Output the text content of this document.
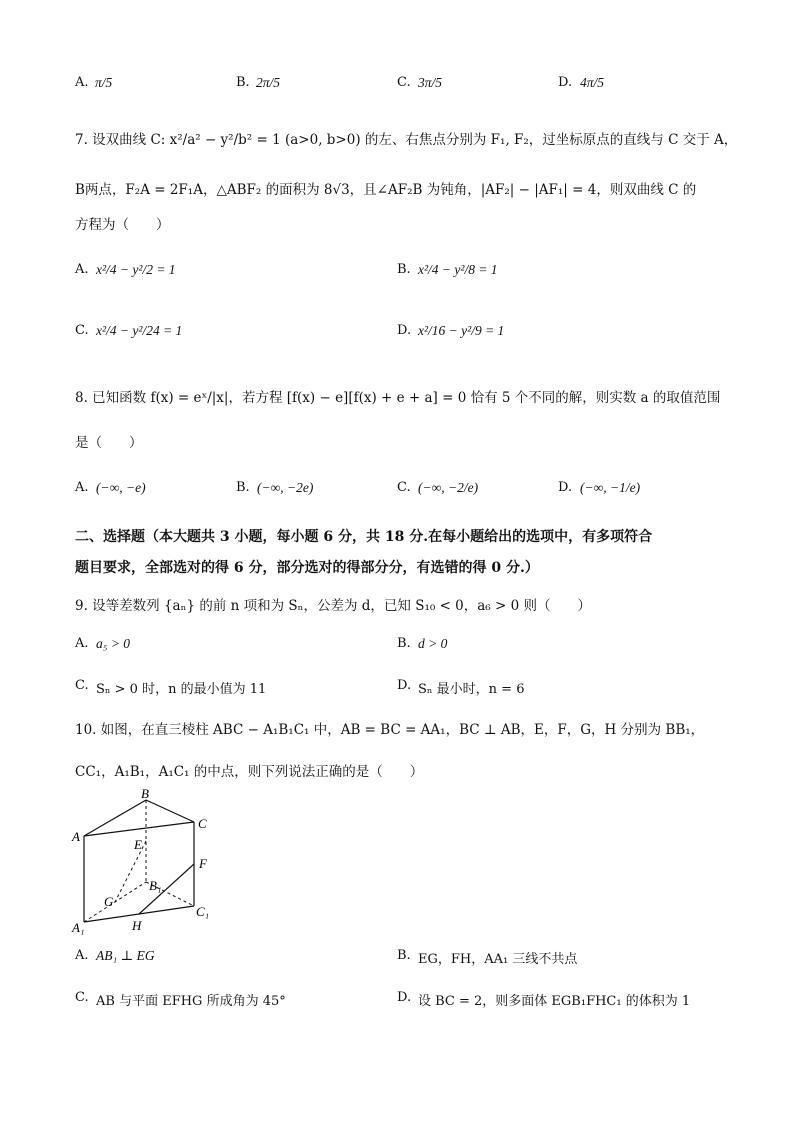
A. π/5	B. 2π/5	C. 3π/5	D. 4π/5
7. 设双曲线 C: x²/a² − y²/b² = 1 (a>0, b>0) 的左、右焦点分别为 F₁, F₂，过坐标原点的直线与 C 交于 A，
B两点，F₂A = 2F₁A，△ABF₂ 的面积为 8√3，且∠AF₂B 为钝角，|AF₂| − |AF₁| = 4，则双曲线 C 的
方程为（　　）
A. x²/4 − y²/2 = 1	B. x²/4 − y²/8 = 1
C. x²/4 − y²/24 = 1	D. x²/16 − y²/9 = 1
8. 已知函数 f(x) = eˣ/|x|，若方程 [f(x) − e][f(x) + e + a] = 0 恰有 5 个不同的解，则实数 a 的取值范围
是（　　）
A. (−∞, −e)	B. (−∞, −2e)	C. (−∞, −2/e)	D. (−∞, −1/e)
二、选择题（本大题共 3 小题，每小题 6 分，共 18 分.在每小题给出的选项中，有多项符合
题目要求，全部选对的得 6 分，部分选对的得部分分，有选错的得 0 分.）
9. 设等差数列 {aₙ} 的前 n 项和为 Sₙ，公差为 d，已知 S₁₀ < 0，a₆ > 0 则（　　）
A. a₅ > 0	B. d > 0
C. Sₙ > 0 时，n 的最小值为 11	D. Sₙ 最小时，n = 6
10. 如图，在直三棱柱 ABC − A₁B₁C₁ 中，AB = BC = AA₁，BC ⊥ AB，E，F，G，H 分别为 BB₁，
CC₁，A₁B₁，A₁C₁ 的中点，则下列说法正确的是（　　）
B
A
C
E
F
B₁
G
C₁
A₁	H
A. AB₁ ⊥ EG	B. EG，FH，AA₁ 三线不共点
C. AB 与平面 EFHG 所成角为 45°	D. 设 BC = 2，则多面体 EGB₁FHC₁ 的体积为 1
